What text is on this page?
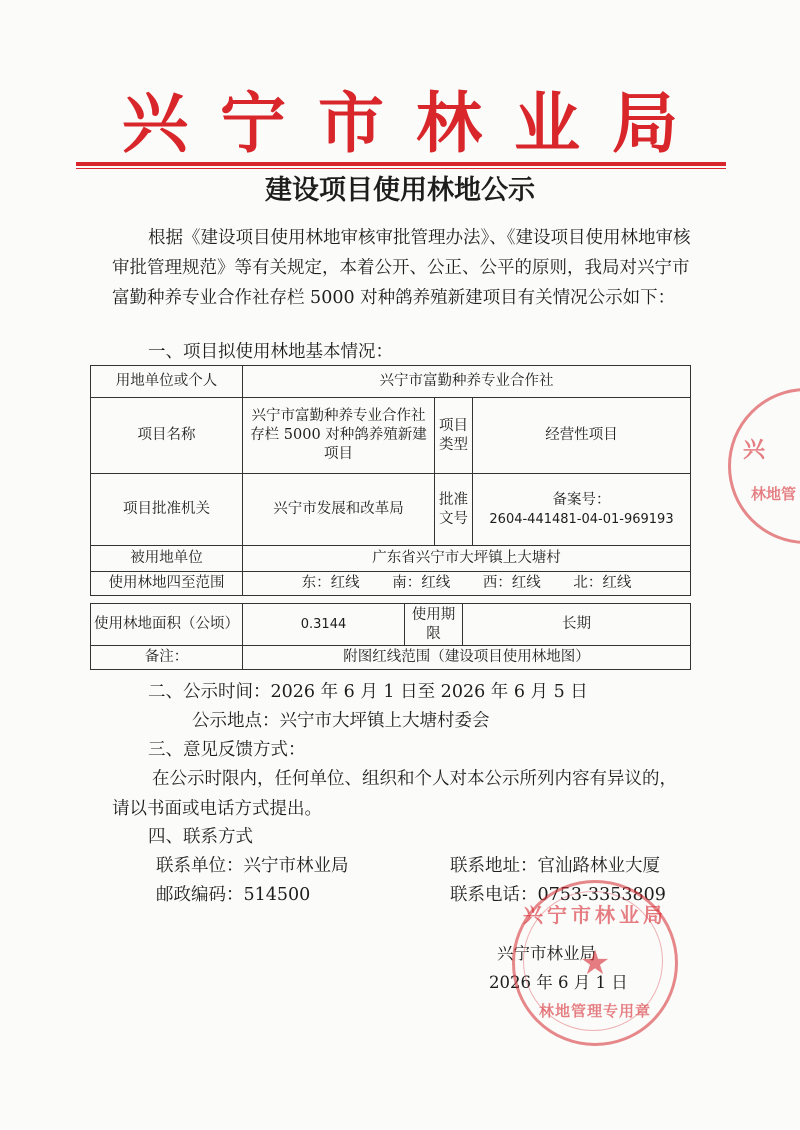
兴宁市林业局
建设项目使用林地公示
根据《建设项目使用林地审核审批管理办法》、《建设项目使用林地审核审批管理规范》等有关规定，本着公开、公正、公平的原则，我局对兴宁市富勤种养专业合作社存栏 5000 对种鸽养殖新建项目有关情况公示如下：
一、项目拟使用林地基本情况：
用地单位或个人	兴宁市富勤种养专业合作社		
项目名称	兴宁市富勤种养专业合作社存栏 5000 对种鸽养殖新建项目	项目类型	经营性项目
项目批准机关	兴宁市发展和改革局	批准文号	备案号：
2604-441481-04-01-969193

被用地单位	广东省兴宁市大坪镇上大塘村		
使用林地四至范围	东：红线 南：红线 西：红线 北：红线		
使用林地面积（公顷）	0.3144	使用期限	长期
备注：	附图红线范围（建设项目使用林地图）		
二、公示时间：2026 年 6 月 1 日至 2026 年 6 月 5 日
公示地点：兴宁市大坪镇上大塘村委会
三、意见反馈方式：
在公示时限内，任何单位、组织和个人对本公示所列内容有异议的，请以书面或电话方式提出。
四、联系方式
联系单位：兴宁市林业局	联系地址：官汕路林业大厦
邮政编码：514500	联系电话：0753-3353809
兴宁市林业局
2026 年 6 月 1 日
兴宁市林业局
★
林地管理专用章
兴
林地管
